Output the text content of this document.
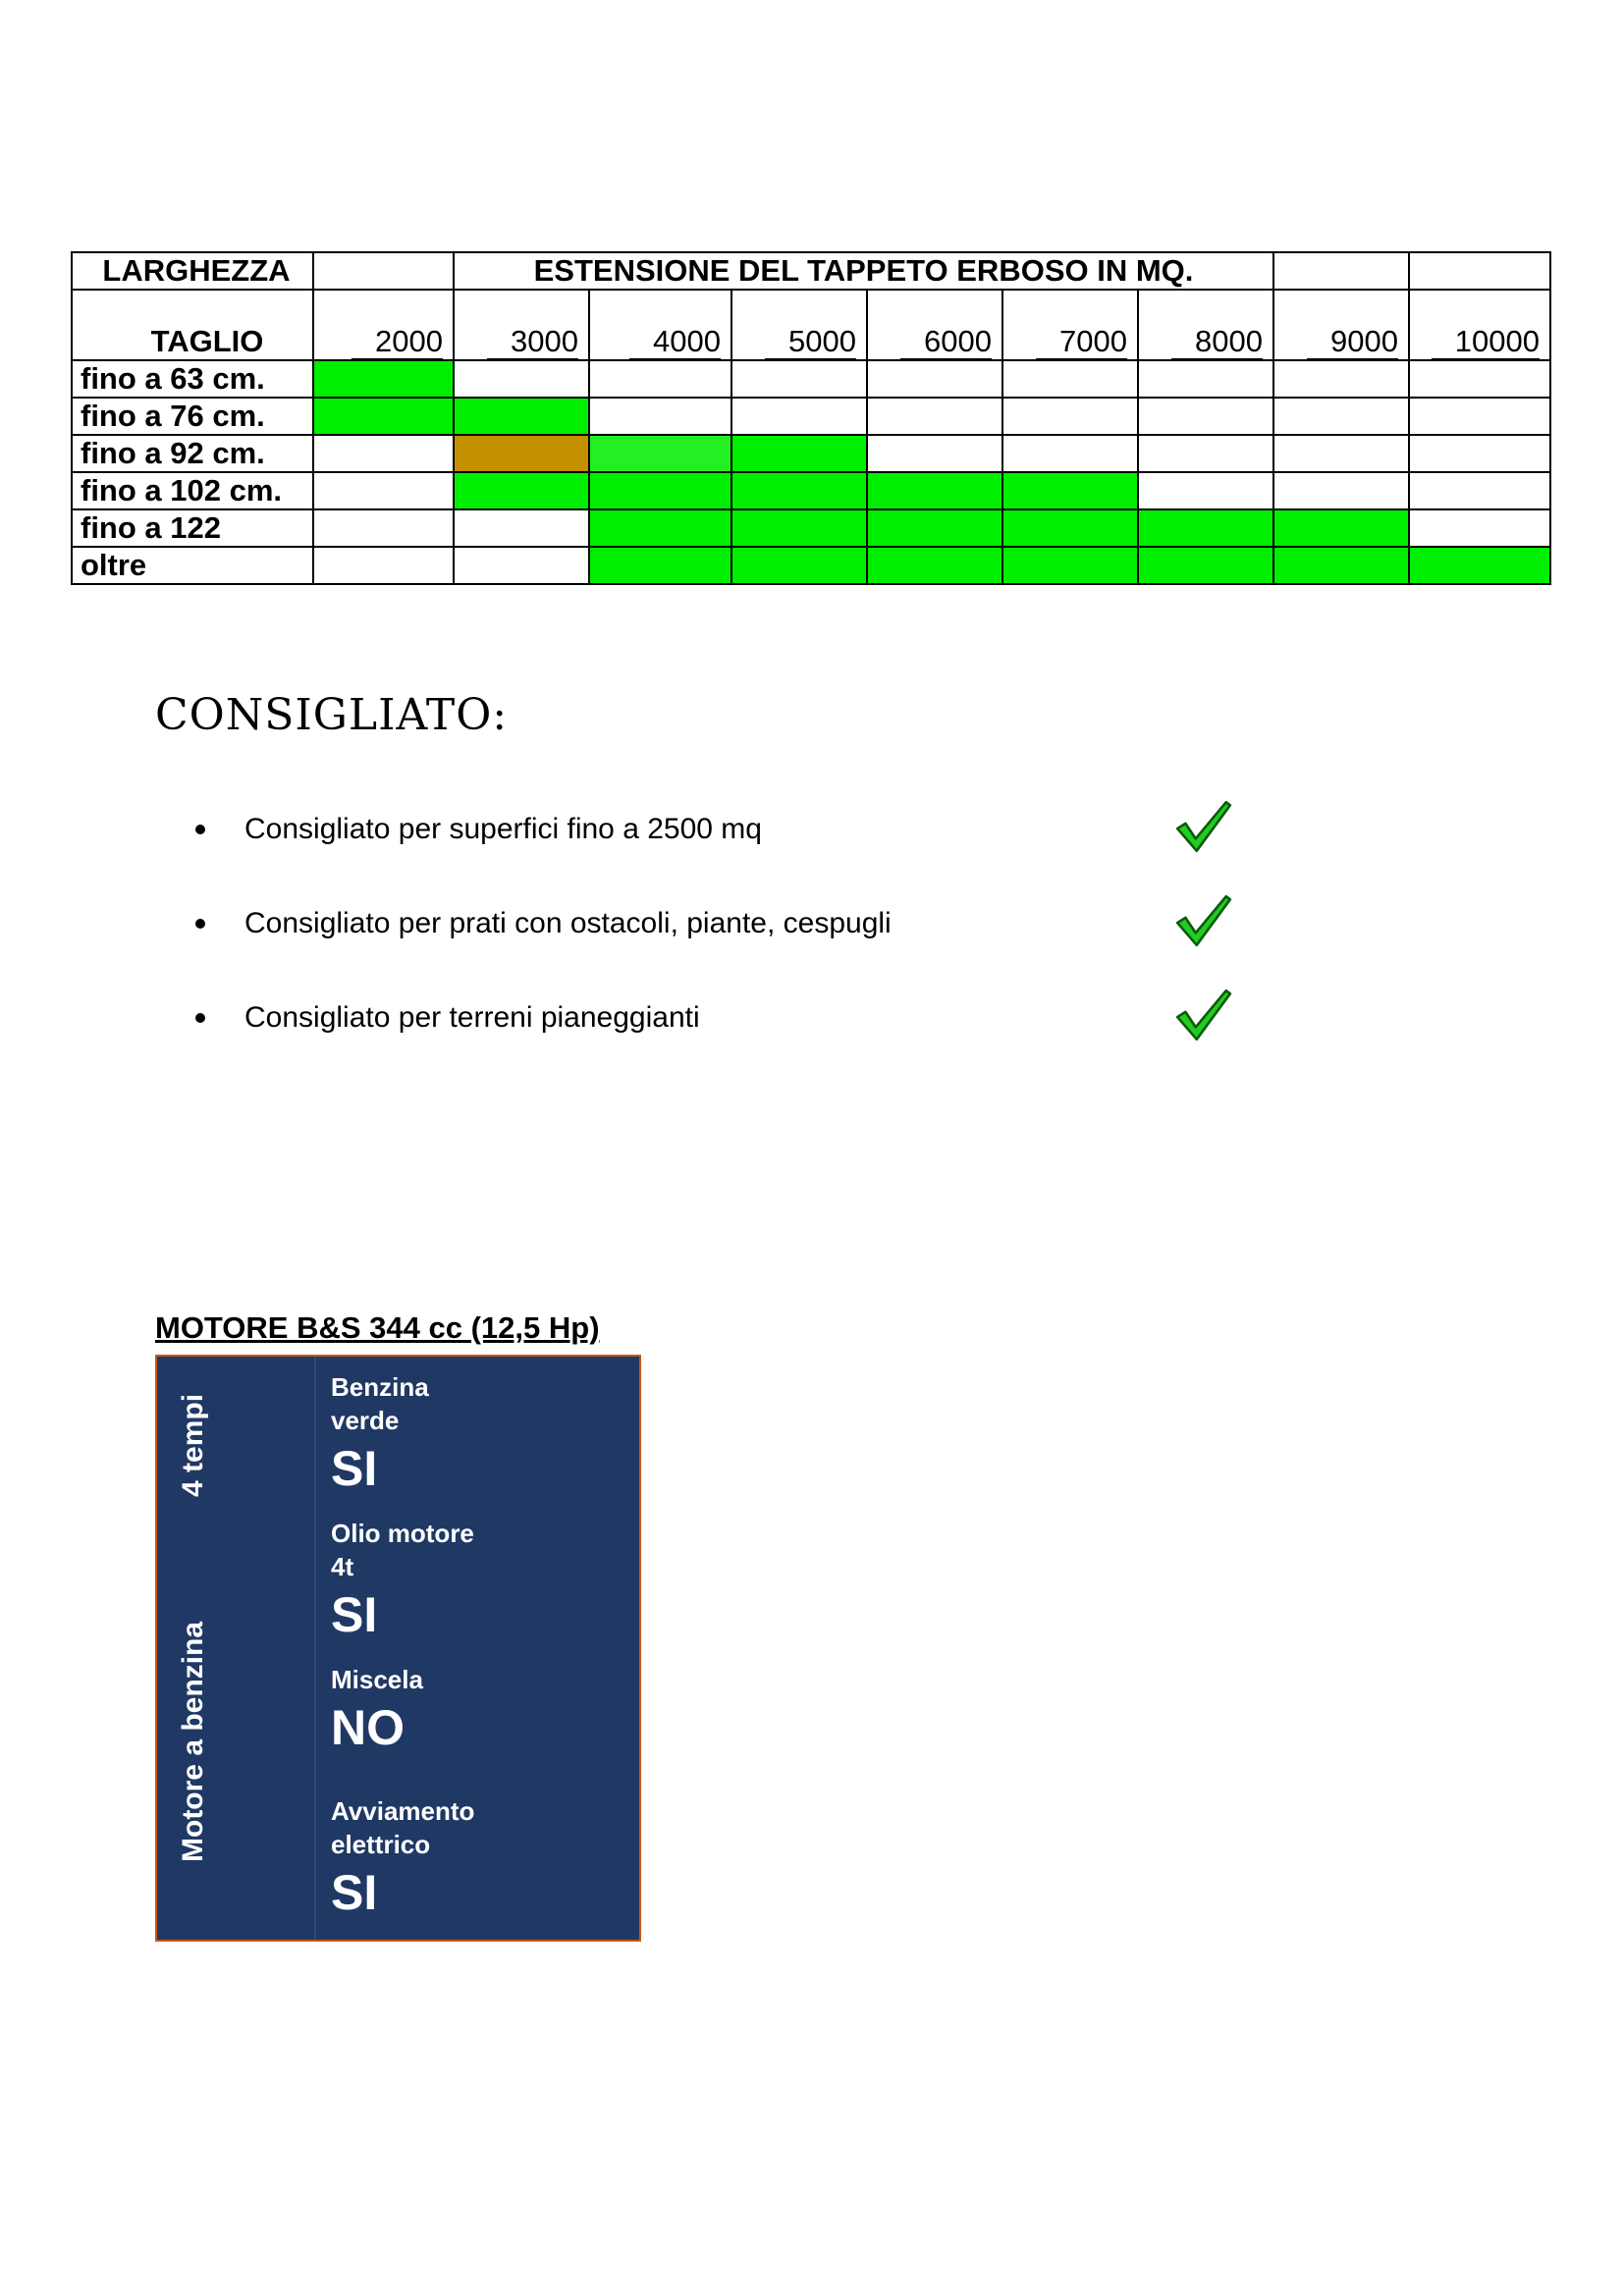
LARGHEZZA		ESTENSIONE DEL TAPPETO ERBOSO IN MQ.							
TAGLIO	2000	3000	4000	5000	6000	7000	8000	9000	10000
fino a 63 cm.									
fino a 76 cm.									
fino a 92 cm.									
fino a 102 cm.									
fino a 122									
oltre									
CONSIGLIATO:
Consigliato per superfici fino a 2500 mq
Consigliato per prati con ostacoli, piante, cespugli
Consigliato per terreni pianeggianti
MOTORE B&S 344 cc (12,5 Hp)
4 tempi
Motore a benzina
Benzina verde
SI
Olio motore 4t
SI
Miscela
NO
Avviamento elettrico
SI
